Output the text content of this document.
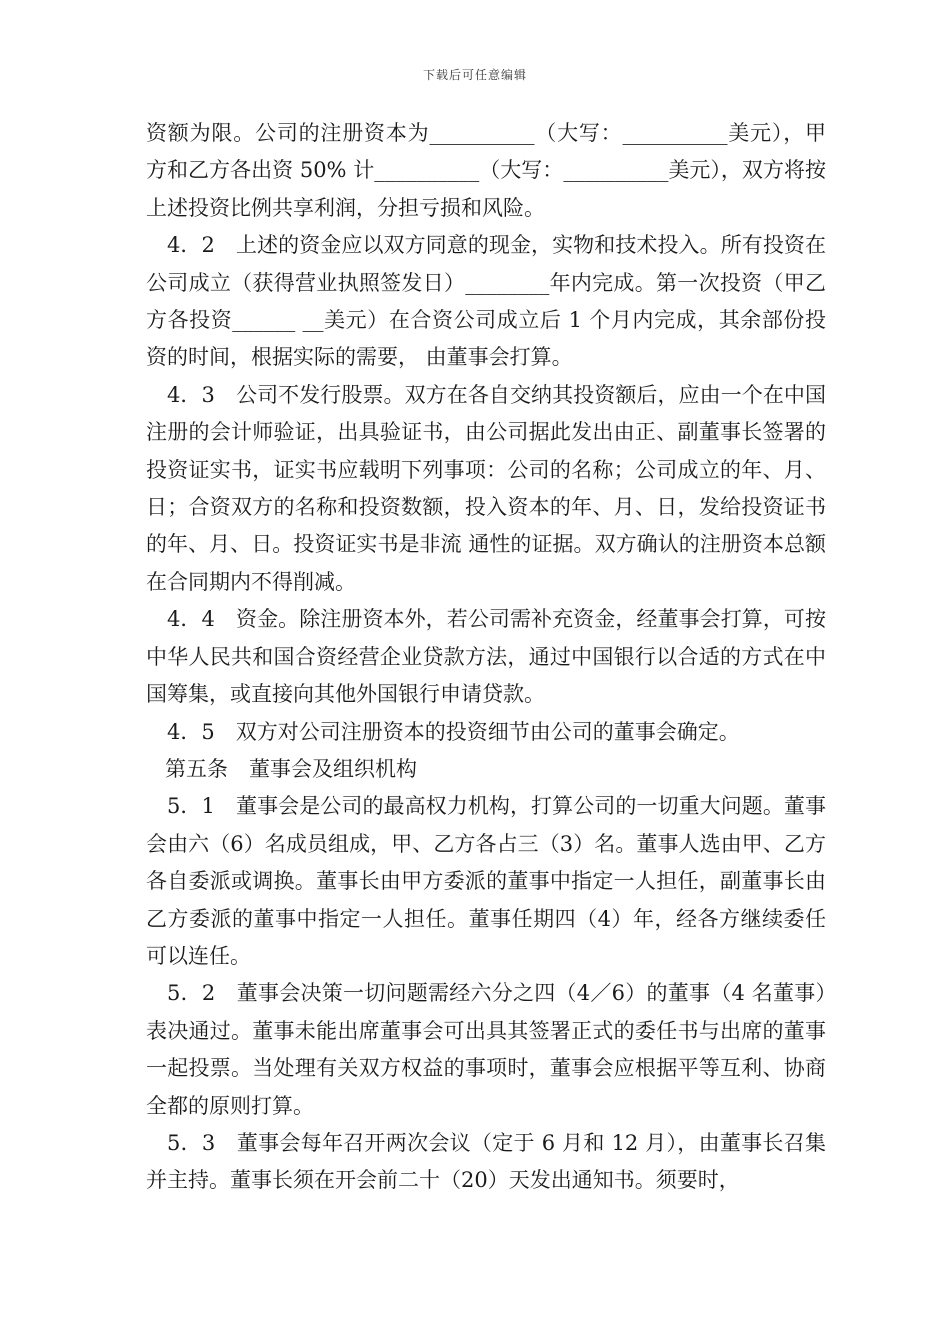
下载后可任意编辑

资额为限。公司的注册资本为__________（大写：__________美元），甲方和乙方各出资 50% 计__________（大写：__________美元），双方将按上述投资比例共享利润，分担亏损和风险。

4．2　上述的资金应以双方同意的现金，实物和技术投入。所有投资在公司成立（获得营业执照签发日）________年内完成。第一次投资（甲乙方各投资______ __美元）在合资公司成立后 1 个月内完成，其余部份投资的时间，根据实际的需要， 由董事会打算。

4．3　公司不发行股票。双方在各自交纳其投资额后，应由一个在中国注册的会计师验证，出具验证书，由公司据此发出由正、副董事长签署的投资证实书，证实书应载明下列事项：公司的名称；公司成立的年、月、日；合资双方的名称和投资数额，投入资本的年、月、日，发给投资证书的年、月、日。投资证实书是非流 通性的证据。双方确认的注册资本总额在合同期内不得削减。

4．4　资金。除注册资本外，若公司需补充资金，经董事会打算，可按中华人民共和国合资经营企业贷款方法，通过中国银行以合适的方式在中国筹集，或直接向其他外国银行申请贷款。

4．5　双方对公司注册资本的投资细节由公司的董事会确定。

第五条　董事会及组织机构

5．1　董事会是公司的最高权力机构，打算公司的一切重大问题。董事会由六（6）名成员组成，甲、乙方各占三（3）名。董事人选由甲、乙方各自委派或调换。董事长由甲方委派的董事中指定一人担任，副董事长由乙方委派的董事中指定一人担任。董事任期四（4）年，经各方继续委任可以连任。

5．2　董事会决策一切问题需经六分之四（4／6）的董事（4 名董事）表决通过。董事未能出席董事会可出具其签署正式的委任书与出席的董事一起投票。当处理有关双方权益的事项时，董事会应根据平等互利、协商全都的原则打算。

5．3　董事会每年召开两次会议（定于 6 月和 12 月），由董事长召集并主持。董事长须在开会前二十（20）天发出通知书。须要时，
